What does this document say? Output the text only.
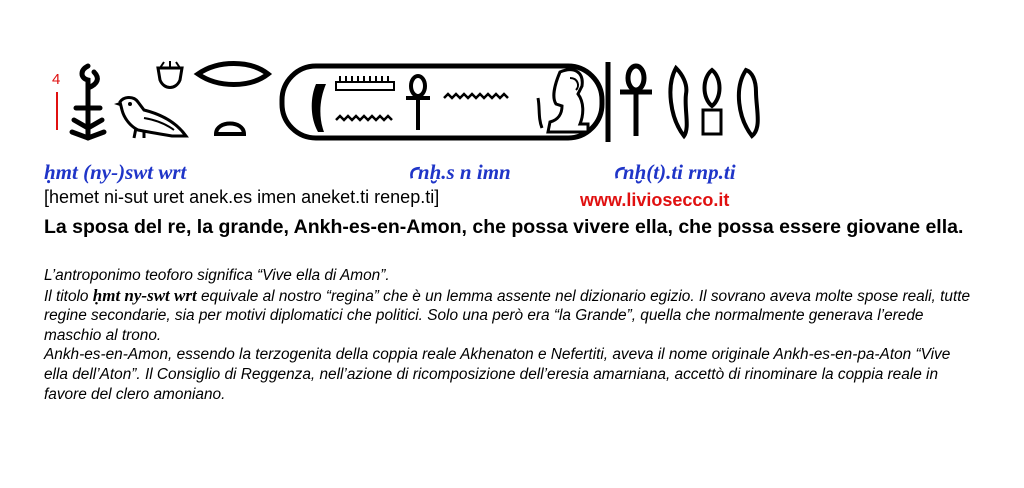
4
ḥmt (ny-)swt wrt	ꜥnḫ.s n imn	ꜥnḫ(t).ti rnp.ti
[hemet ni-sut uret anek.es imen aneket.ti renep.ti]	www.liviosecco.it
La sposa del re, la grande, Ankh-es-en-Amon, che possa vivere ella, che possa essere giovane ella.

L’antroponimo teoforo significa “Vive ella di Amon”.

Il titolo ḥmt ny-swt wrt equivale al nostro “regina” che è un lemma assente nel dizionario egizio. Il sovrano aveva molte spose reali, tutte regine secondarie, sia per motivi diplomatici che politici. Solo una però era “la Grande”, quella che normalmente generava l’erede maschio al trono.

Ankh-es-en-Amon, essendo la terzogenita della coppia reale Akhenaton e Nefertiti, aveva il nome originale Ankh-es-en-pa-Aton “Vive ella dell’Aton”. Il Consiglio di Reggenza, nell’azione di ricomposizione dell’eresia amarniana, accettò di rinominare la coppia reale in favore del clero amoniano.
